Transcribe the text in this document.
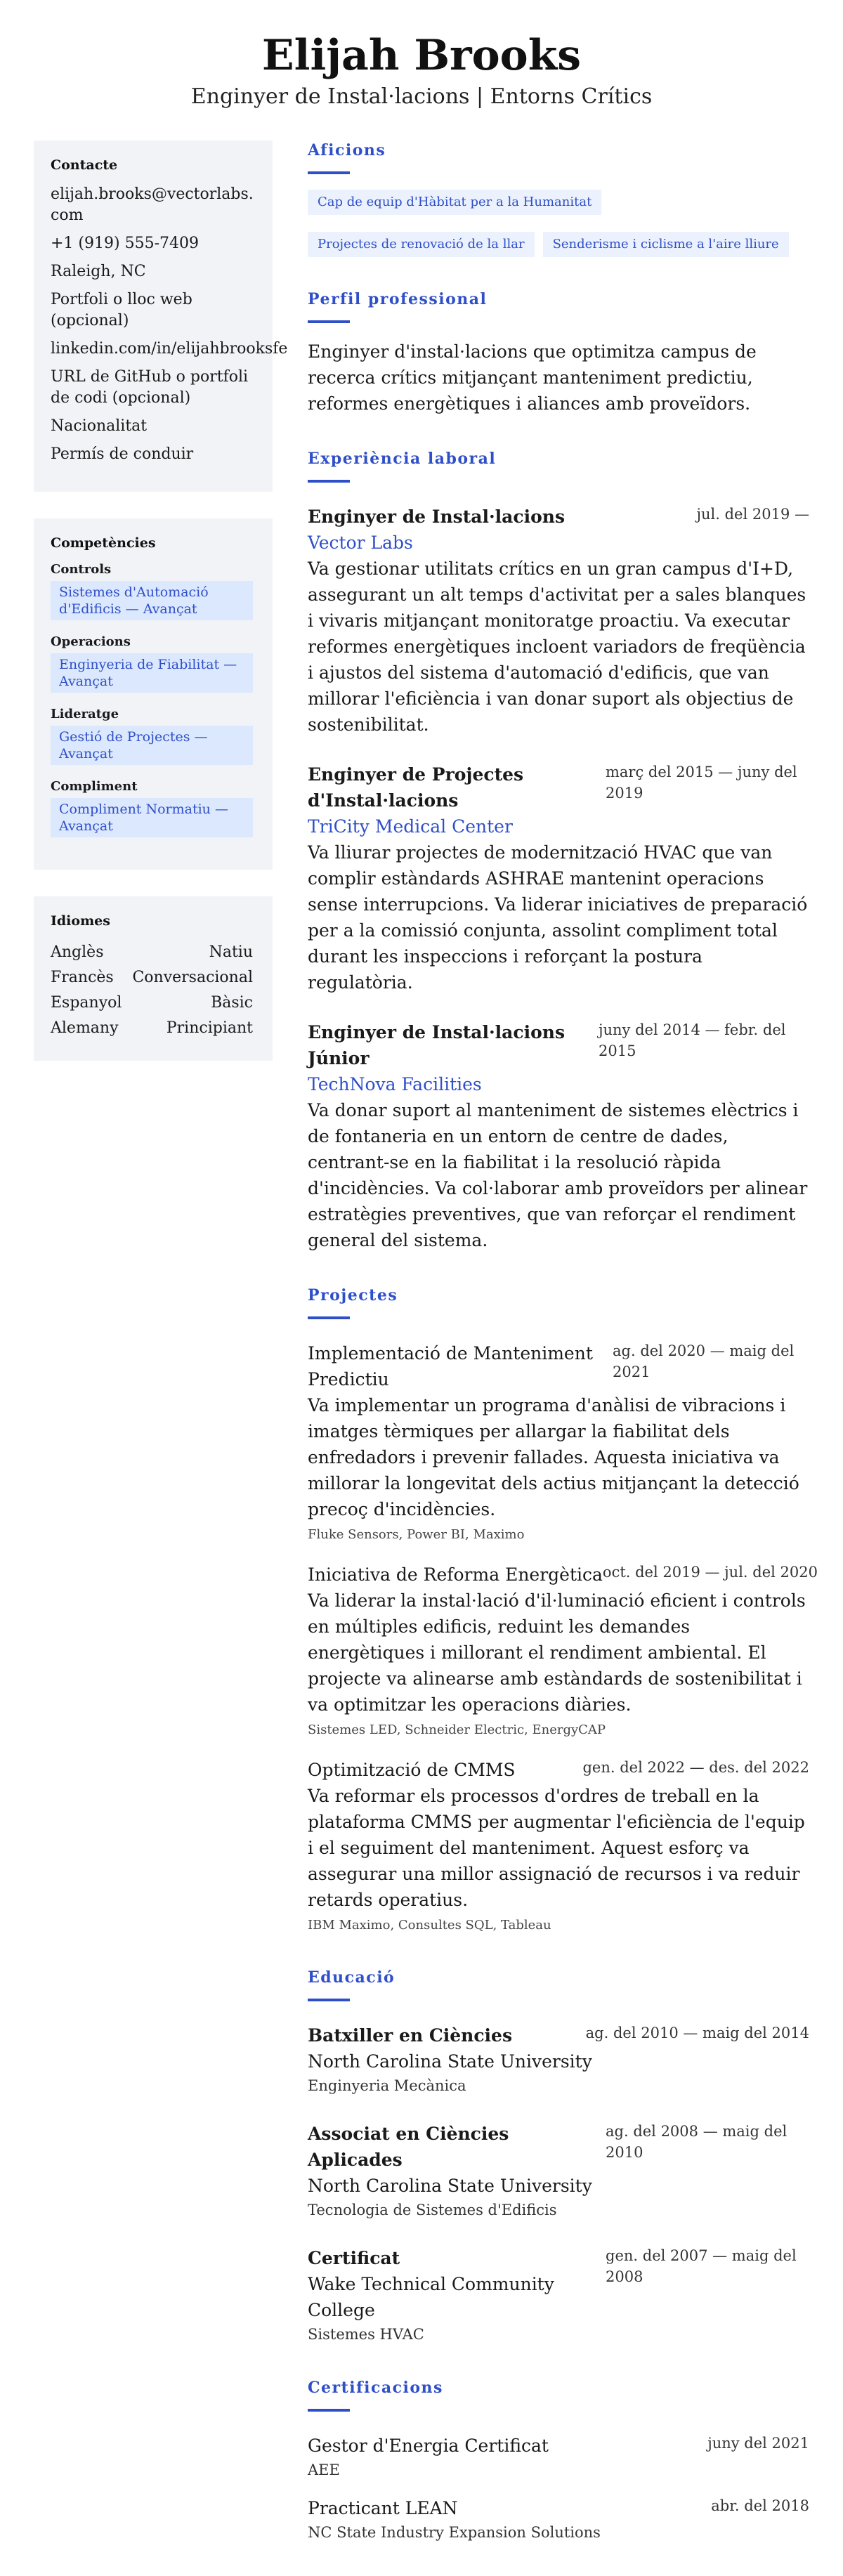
Elijah Brooks
Enginyer de Instal·lacions | Entorns Crítics
Contacte
elijah.brooks@vectorlabs.com
+1 (919) 555-7409
Raleigh, NC
Portfoli o lloc web (opcional)
linkedin.com/in/elijahbrooksfe
URL de GitHub o portfoli de codi (opcional)
Nacionalitat
Permís de conduir
Competències
Controls
Sistemes d'Automació d'Edificis — Avançat
Operacions
Enginyeria de Fiabilitat — Avançat
Lideratge
Gestió de Projectes — Avançat
Compliment
Compliment Normatiu — Avançat
Idiomes
Anglès	Natiu
Francès Conversacional
Espanyol	Bàsic
Alemany	Principiant
Aficions
Cap de equip d'Hàbitat per a la Humanitat
Projectes de renovació de la llar	Senderisme i ciclisme a l'aire lliure
Perfil professional

Enginyer d'instal·lacions que optimitza campus de recerca crítics mitjançant manteniment predictiu, reformes energètiques i aliances amb proveïdors.

Experiència laboral
Enginyer de Instal·lacions	jul. del 2019 —
Vector Labs

Va gestionar utilitats crítics en un gran campus d'I+D, assegurant un alt temps d'activitat per a sales blanques i vivaris mitjançant monitoratge proactiu. Va executar reformes energètiques incloent variadors de freqüència i ajustos del sistema d'automació d'edificis, que van millorar l'eficiència i van donar suport als objectius de sostenibilitat.

Enginyer de Projectes d'Instal·lacions
març del 2015 — juny del 2019
TriCity Medical Center

Va lliurar projectes de modernització HVAC que van complir estàndards ASHRAE mantenint operacions sense interrupcions. Va liderar iniciatives de preparació per a la comissió conjunta, assolint compliment total durant les inspeccions i reforçant la postura regulatòria.

Enginyer de Instal·lacions Júnior
juny del 2014 — febr. del 2015
TechNova Facilities

Va donar suport al manteniment de sistemes elèctrics i de fontaneria en un entorn de centre de dades, centrant-se en la fiabilitat i la resolució ràpida d'incidències. Va col·laborar amb proveïdors per alinear estratègies preventives, que van reforçar el rendiment general del sistema.

Projectes
Implementació de Manteniment Predictiu
ag. del 2020 — maig del 2021

Va implementar un programa d'anàlisi de vibracions i imatges tèrmiques per allargar la fiabilitat dels enfredadors i prevenir fallades. Aquesta iniciativa va millorar la longevitat dels actius mitjançant la detecció precoç d'incidències.

Fluke Sensors, Power BI, Maximo
Iniciativa de Reforma Energètica oct. del 2019 — jul. del 2020

Va liderar la instal·lació d'il·luminació eficient i controls en múltiples edificis, reduint les demandes energètiques i millorant el rendiment ambiental. El projecte va alinearse amb estàndards de sostenibilitat i va optimitzar les operacions diàries.

Sistemes LED, Schneider Electric, EnergyCAP
Optimització de CMMS	gen. del 2022 — des. del 2022

Va reformar els processos d'ordres de treball en la plataforma CMMS per augmentar l'eficiència de l'equip i el seguiment del manteniment. Aquest esforç va assegurar una millor assignació de recursos i va reduir retards operatius.

IBM Maximo, Consultes SQL, Tableau
Educació
Batxiller en Ciències	ag. del 2010 — maig del 2014
North Carolina State University
Enginyeria Mecànica
Associat en Ciències Aplicades
ag. del 2008 — maig del 2010
North Carolina State University
Tecnologia de Sistemes d'Edificis
Certificat
Wake Technical Community College
gen. del 2007 — maig del 2008
Sistemes HVAC
Certificacions
Gestor d'Energia Certificat	juny del 2021
AEE
Practicant LEAN	abr. del 2018
NC State Industry Expansion Solutions
